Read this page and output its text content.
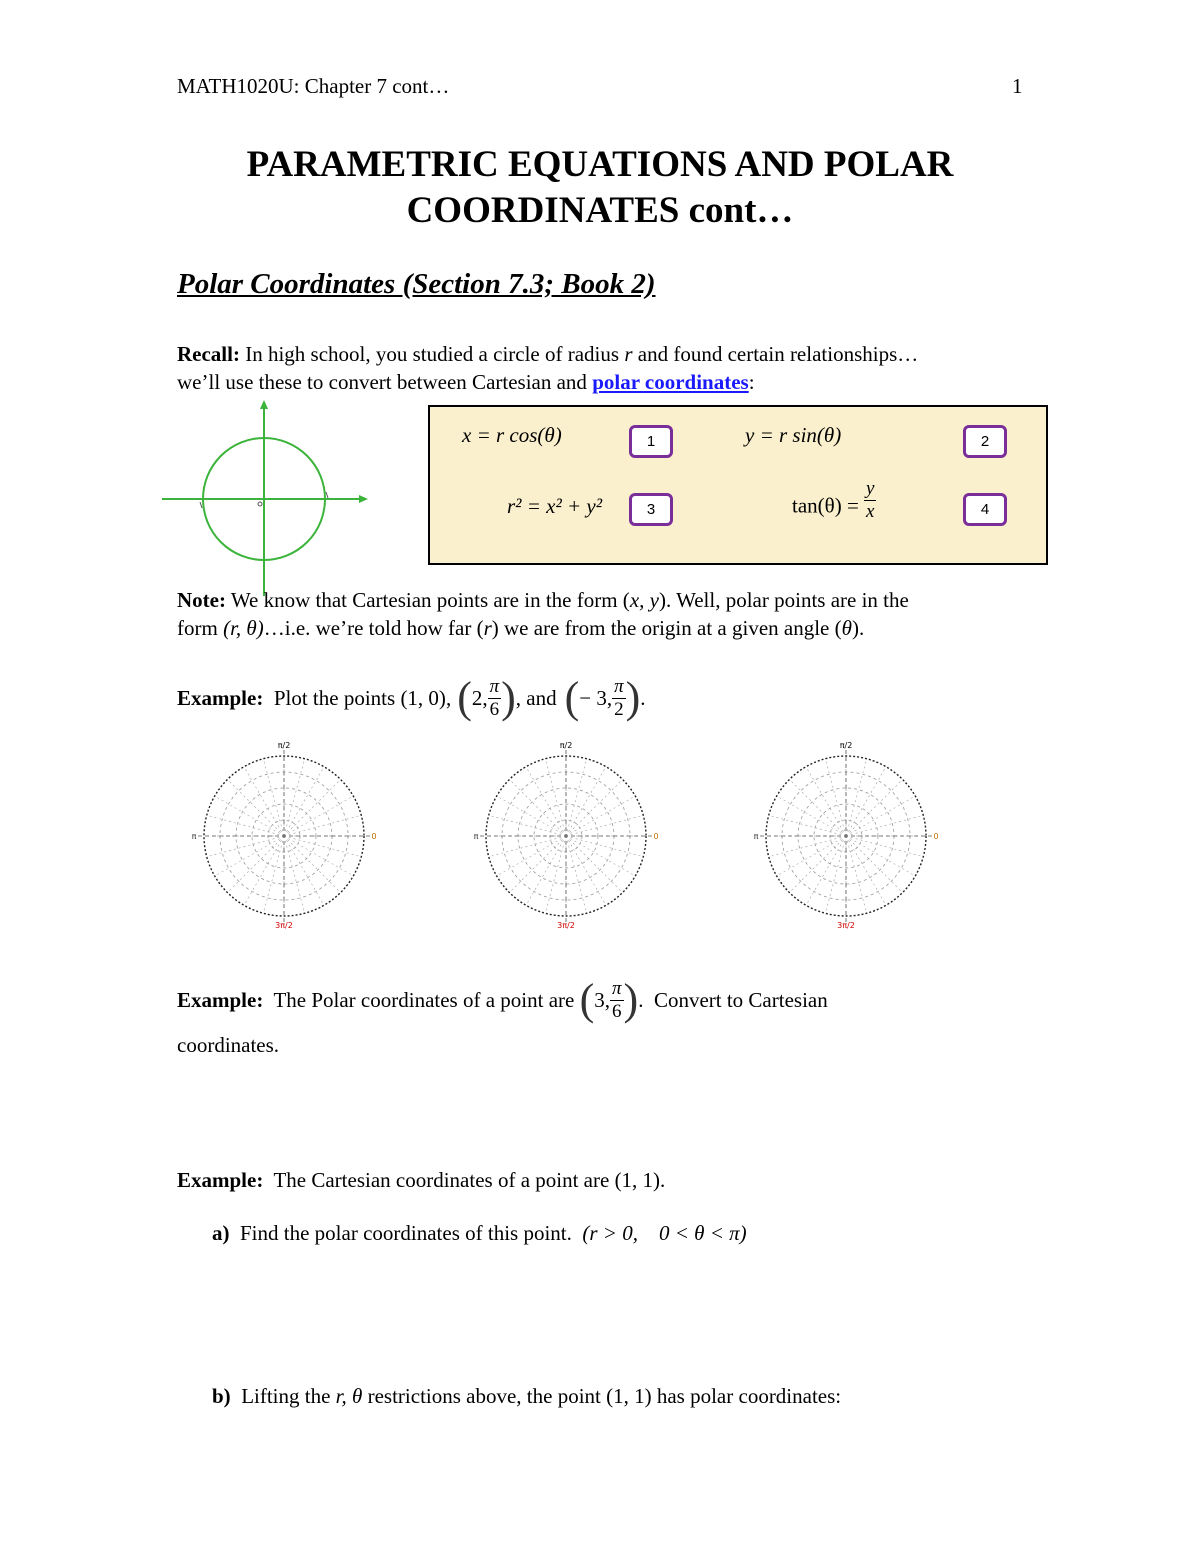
MATH1020U: Chapter 7 cont…	1
PARAMETRIC EQUATIONS AND POLAR
COORDINATES cont…
Polar Coordinates (Section 7.3; Book 2)
Recall: In high school, you studied a circle of radius r and found certain relationships…
we’ll use these to convert between Cartesian and polar coordinates:
x = r cos(θ)	1	y = r sin(θ)	2
r² = x² + y²	3	$\tan(\theta) = \frac{y}{x}$	4
Note: We know that Cartesian points are in the form (x, y). Well, polar points are in the
form (r, θ)…i.e. we’re told how far (r) we are from the origin at a given angle (θ).
Example: Plot the points (1, 0) , ( 2, $\frac{\pi}{6}$ ) , and ( − 3, $\frac{\pi}{2}$ ) .
π/2
π	0
3π/2
π/2
π	0
3π/2
π/2
π	0
3π/2
Example: The Polar coordinates of a point are ( 3, $\frac{\pi}{6}$ ) .  Convert to Cartesian
coordinates.
Example:  The Cartesian coordinates of a point are (1, 1).
a)  Find the polar coordinates of this point.  (r > 0,    0 < θ < π)
b)  Lifting the r, θ restrictions above, the point (1, 1) has polar coordinates:
